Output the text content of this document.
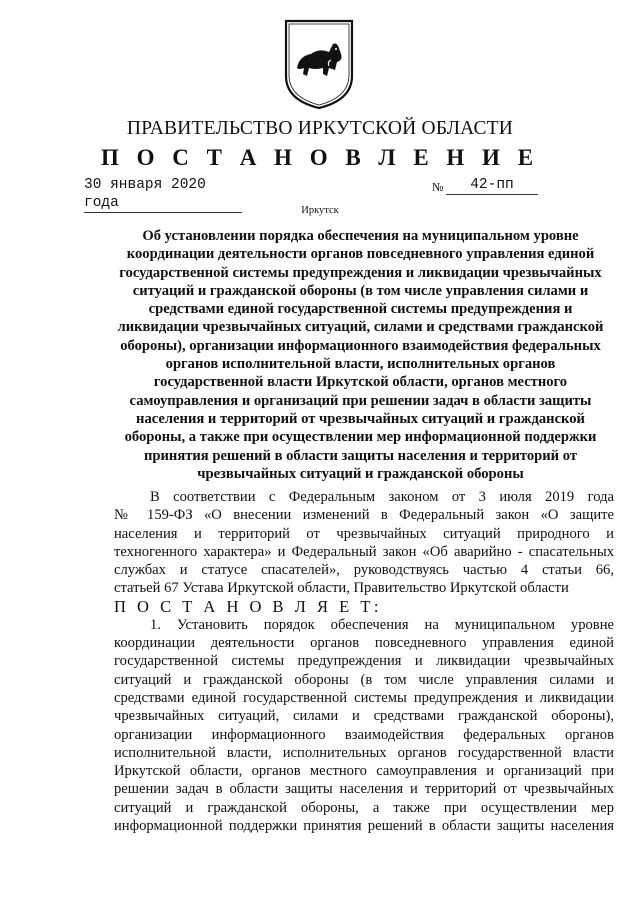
ПРАВИТЕЛЬСТВО ИРКУТСКОЙ ОБЛАСТИ
П О С Т А Н О В Л Е Н И Е
30 января 2020 года
№	42-пп
Иркутск
Об установлении порядка обеспечения на муниципальном уровне
координации деятельности органов повседневного управления единой
государственной системы предупреждения и ликвидации чрезвычайных
ситуаций и гражданской обороны (в том числе управления силами и
средствами единой государственной системы предупреждения и
ликвидации чрезвычайных ситуаций, силами и средствами гражданской
обороны), организации информационного взаимодействия федеральных
органов исполнительной власти, исполнительных органов
государственной власти Иркутской области, органов местного
самоуправления и организаций при решении задач в области защиты
населения и территорий от чрезвычайных ситуаций и гражданской
обороны, а также при осуществлении мер информационной поддержки
принятия решений в области защиты населения и территорий от
чрезвычайных ситуаций и гражданской обороны
В соответствии с Федеральным законом от 3 июля 2019 года
№ 159-ФЗ «О внесении изменений в Федеральный закон «О защите
населения и территорий от чрезвычайных ситуаций природного и
техногенного характера» и Федеральный закон «Об аварийно - спасательных
службах и статусе спасателей», руководствуясь частью 4 статьи 66,
статьей 67 Устава Иркутской области, Правительство Иркутской области
П О С Т А Н О В Л Я Е Т:
1. Установить порядок обеспечения на муниципальном уровне
координации деятельности органов повседневного управления единой
государственной системы предупреждения и ликвидации чрезвычайных
ситуаций и гражданской обороны (в том числе управления силами и
средствами единой государственной системы предупреждения и ликвидации
чрезвычайных ситуаций, силами и средствами гражданской обороны),
организации информационного взаимодействия федеральных органов
исполнительной власти, исполнительных органов государственной власти
Иркутской области, органов местного самоуправления и организаций при
решении задач в области защиты населения и территорий от чрезвычайных
ситуаций и гражданской обороны, а также при осуществлении мер
информационной поддержки принятия решений в области защиты населения
